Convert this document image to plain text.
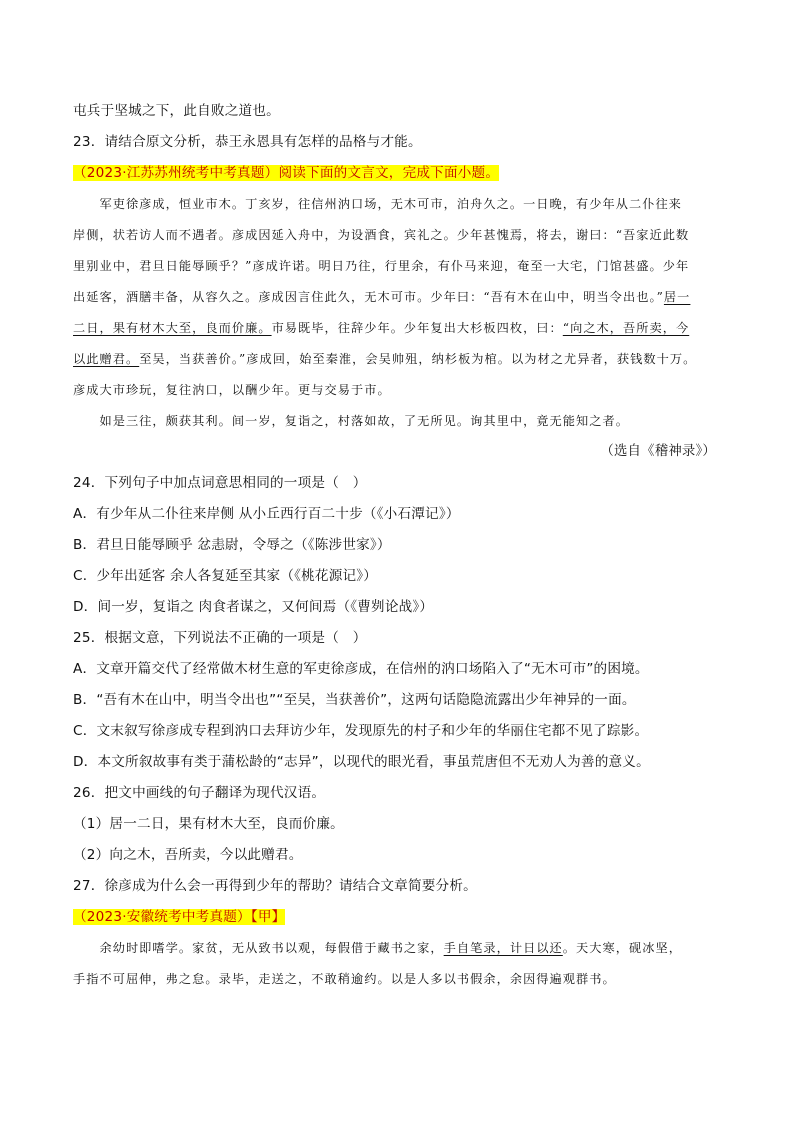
屯兵于坚城之下，此自败之道也。
23．请结合原文分析，恭王永恩具有怎样的品格与才能。
（2023·江苏苏州统考中考真题）阅读下面的文言文，完成下面小题。
　　军吏徐彦成，恒业市木。丁亥岁，往信州汭口场，无木可市，泊舟久之。一日晚，有少年从二仆往来
岸侧，状若访人而不遇者。彦成因延入舟中，为设酒食，宾礼之。少年甚愧焉，将去，谢曰：“吾家近此数
里别业中，君旦日能辱顾乎？”彦成许诺。明日乃往，行里余，有仆马来迎，奄至一大宅，门馆甚盛。少年
出延客，酒膳丰备，从容久之。彦成因言住此久，无木可市。少年曰：“吾有木在山中，明当令出也。”居一
二日，果有材木大至，良而价廉。市易既毕，往辞少年。少年复出大杉板四枚，曰：“向之木，吾所卖，今
以此赠君。至吴，当获善价。”彦成回，始至秦淮，会吴帅殂，纳杉板为棺。以为材之尤异者，获钱数十万。
彦成大市珍玩，复往汭口，以酬少年。更与交易于市。
　　如是三往，颇获其利。间一岁，复诣之，村落如故，了无所见。询其里中，竟无能知之者。
（选自《稽神录》）
24．下列句子中加点词意思相同的一项是（　）
A．有少年从二仆往来岸侧 从小丘西行百二十步（《小石潭记》）
B．君旦日能辱顾乎 忿恚尉，令辱之（《陈涉世家》）
C．少年出延客 余人各复延至其家（《桃花源记》）
D．间一岁，复诣之 肉食者谋之，又何间焉（《曹刿论战》）
25．根据文意，下列说法不正确的一项是（　）
A．文章开篇交代了经常做木材生意的军吏徐彦成，在信州的汭口场陷入了“无木可市”的困境。
B．“吾有木在山中，明当令出也”“至吴，当获善价”，这两句话隐隐流露出少年神异的一面。
C．文末叙写徐彦成专程到汭口去拜访少年，发现原先的村子和少年的华丽住宅都不见了踪影。
D．本文所叙故事有类于蒲松龄的“志异”，以现代的眼光看，事虽荒唐但不无劝人为善的意义。
26．把文中画线的句子翻译为现代汉语。
（1）居一二日，果有材木大至，良而价廉。
（2）向之木，吾所卖，今以此赠君。
27．徐彦成为什么会一再得到少年的帮助？请结合文章简要分析。
（2023·安徽统考中考真题）【甲】
　　余幼时即嗜学。家贫，无从致书以观，每假借于藏书之家，手自笔录，计日以还。天大寒，砚冰坚，
手指不可屈伸，弗之怠。录毕，走送之，不敢稍逾约。以是人多以书假余，余因得遍观群书。
